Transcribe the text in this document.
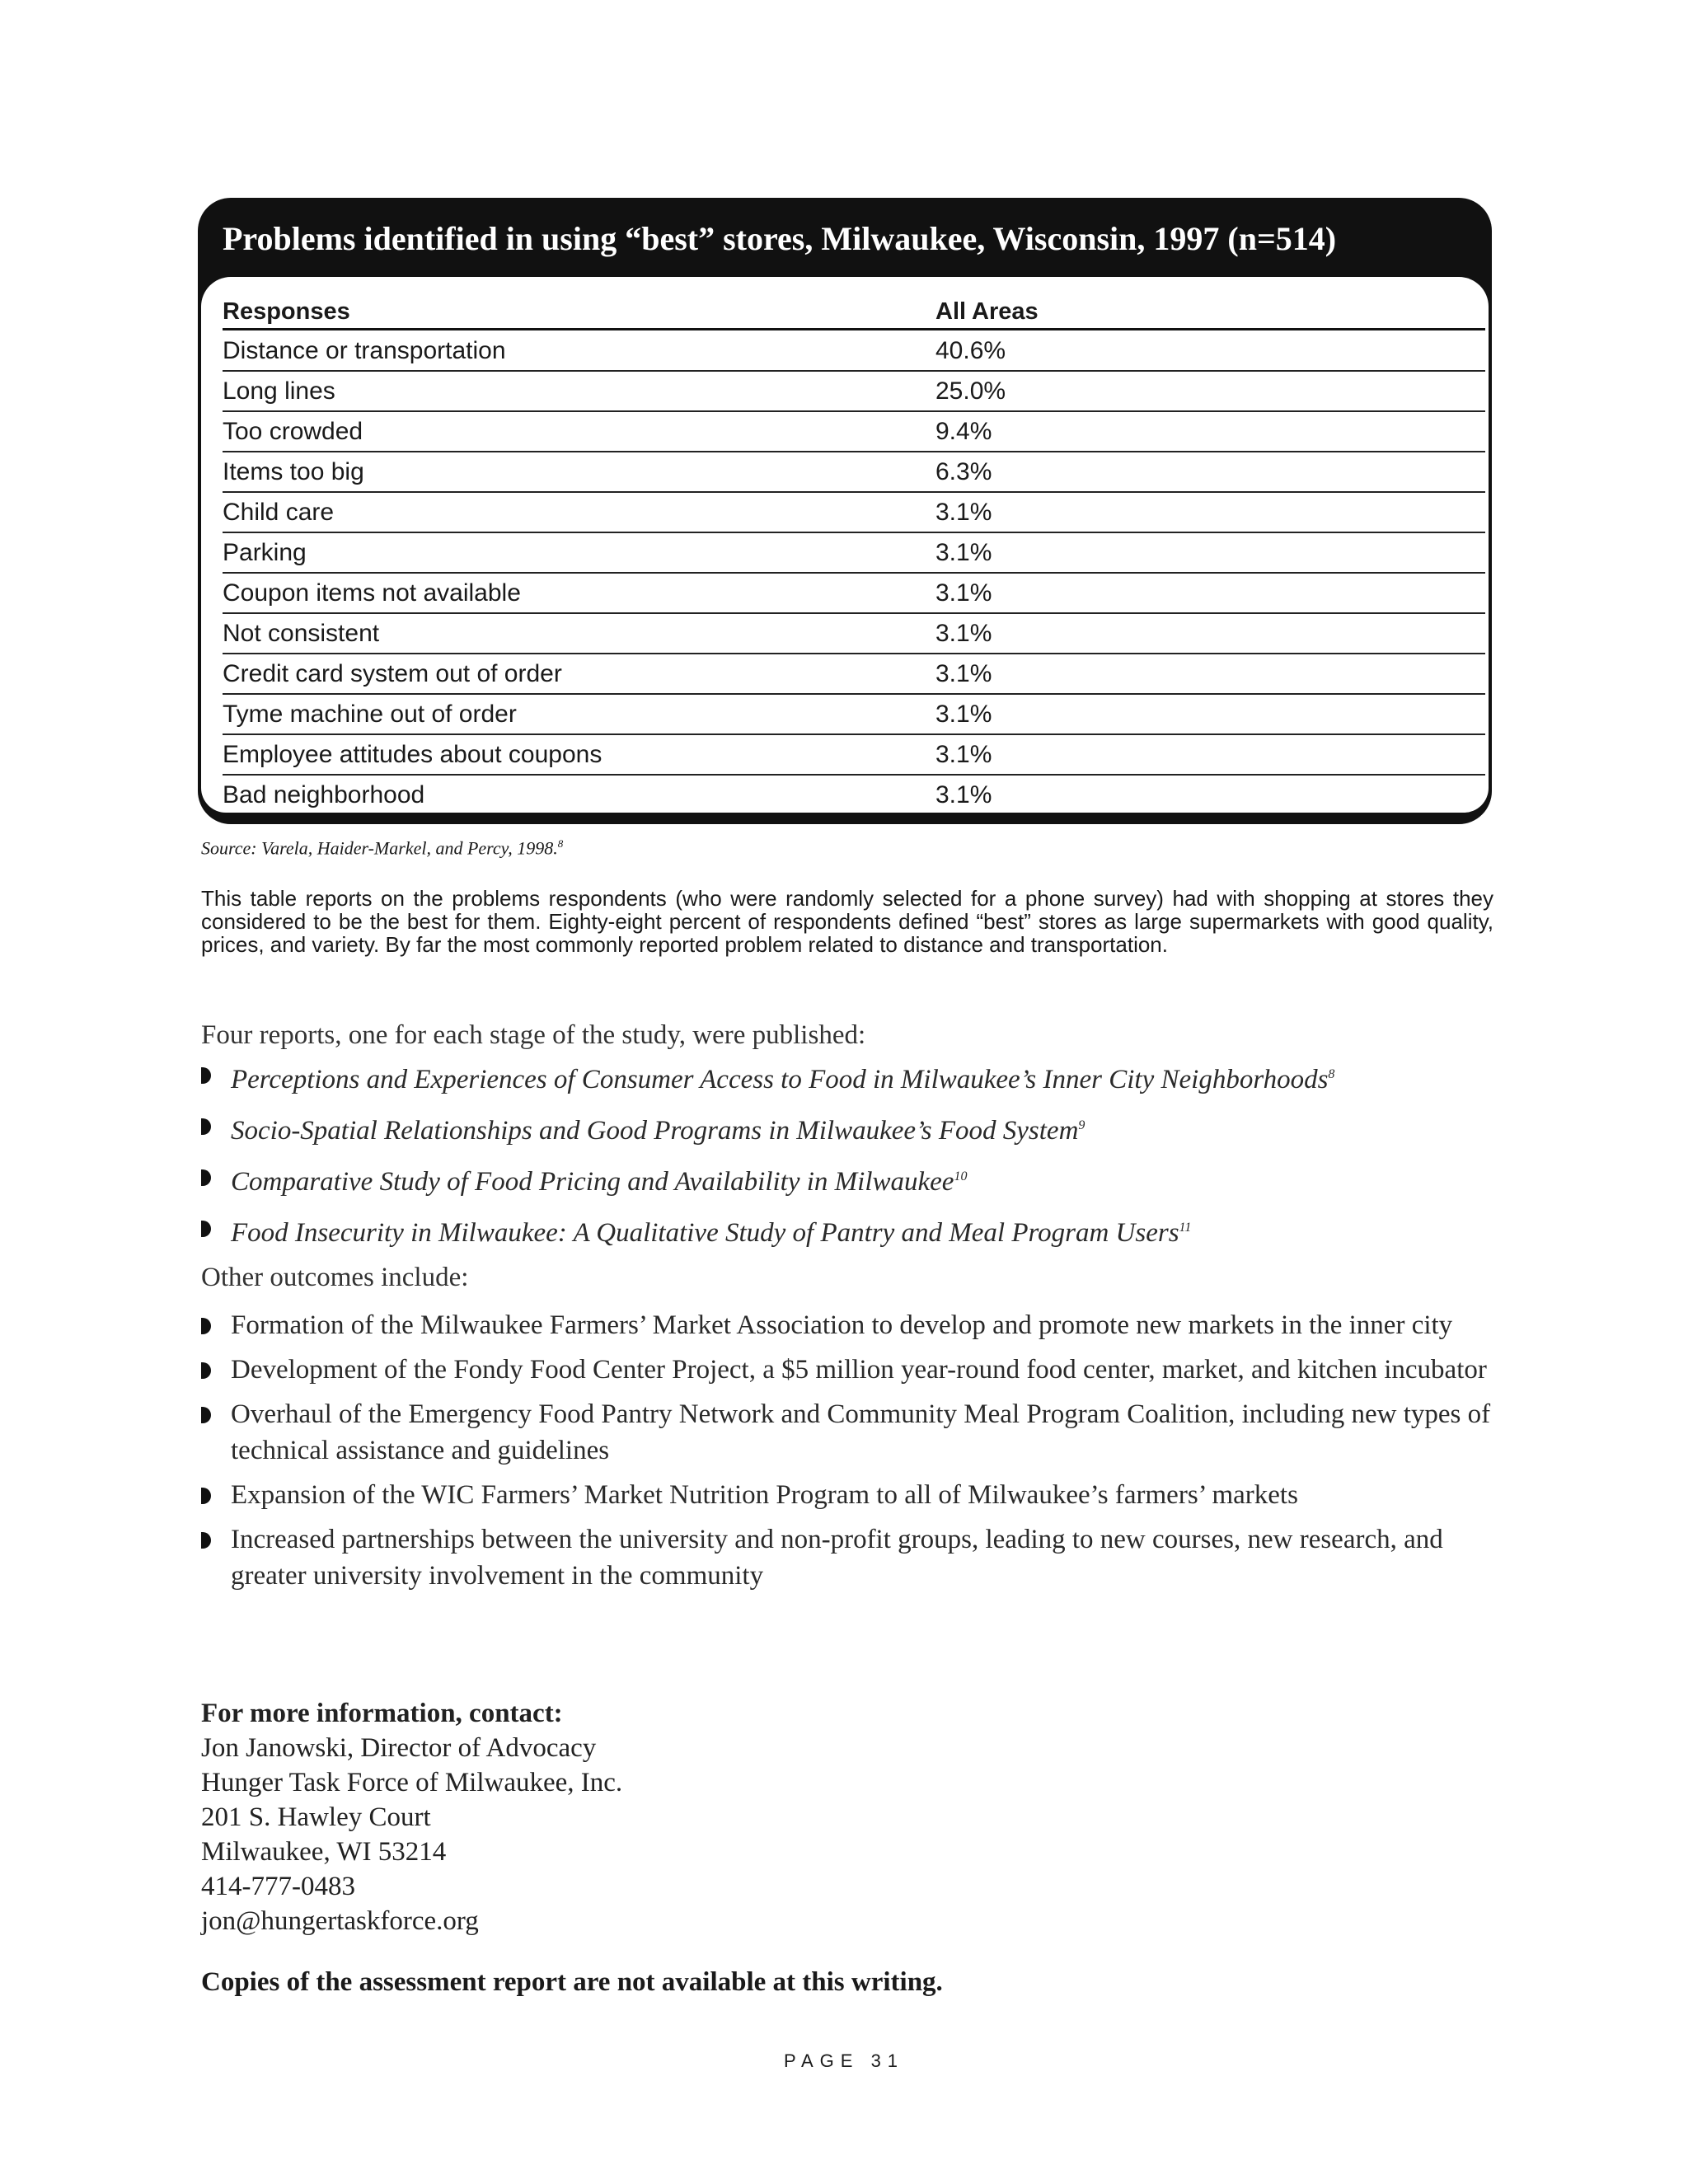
Problems identified in using “best” stores, Milwaukee, Wisconsin, 1997 (n=514)
Responses	All Areas
Distance or transportation	40.6%
Long lines	25.0%
Too crowded	9.4%
Items too big	6.3%
Child care	3.1%
Parking	3.1%
Coupon items not available	3.1%
Not consistent	3.1%
Credit card system out of order	3.1%
Tyme machine out of order	3.1%
Employee attitudes about coupons	3.1%
Bad neighborhood	3.1%
Source: Varela, Haider-Markel, and Percy, 1998.$^8$
This table reports on the problems respondents (who were randomly selected for a phone survey) had with shopping at stores they considered to be the best for them. Eighty-eight percent of respondents defined “best” stores as large supermarkets with good quality, prices, and variety. By far the most commonly reported problem related to distance and transportation.
Four reports, one for each stage of the study, were published:
Perceptions and Experiences of Consumer Access to Food in Milwaukee’s Inner City Neighborhoods$^8$
Socio-Spatial Relationships and Good Programs in Milwaukee’s Food System$^9$
Comparative Study of Food Pricing and Availability in Milwaukee$^{10}$
Food Insecurity in Milwaukee: A Qualitative Study of Pantry and Meal Program Users$^{11}$
Other outcomes include:
Formation of the Milwaukee Farmers’ Market Association to develop and promote new markets in the inner city
Development of the Fondy Food Center Project, a $5 million year-round food center, market, and kitchen incubator
Overhaul of the Emergency Food Pantry Network and Community Meal Program Coalition, including new types of technical assistance and guidelines
Expansion of the WIC Farmers’ Market Nutrition Program to all of Milwaukee’s farmers’ markets
Increased partnerships between the university and non-profit groups, leading to new courses, new research, and greater university involvement in the community
For more information, contact:
Jon Janowski, Director of Advocacy
Hunger Task Force of Milwaukee, Inc.
201 S. Hawley Court
Milwaukee, WI 53214
414-777-0483
jon@hungertaskforce.org
Copies of the assessment report are not available at this writing.
PAGE 31
